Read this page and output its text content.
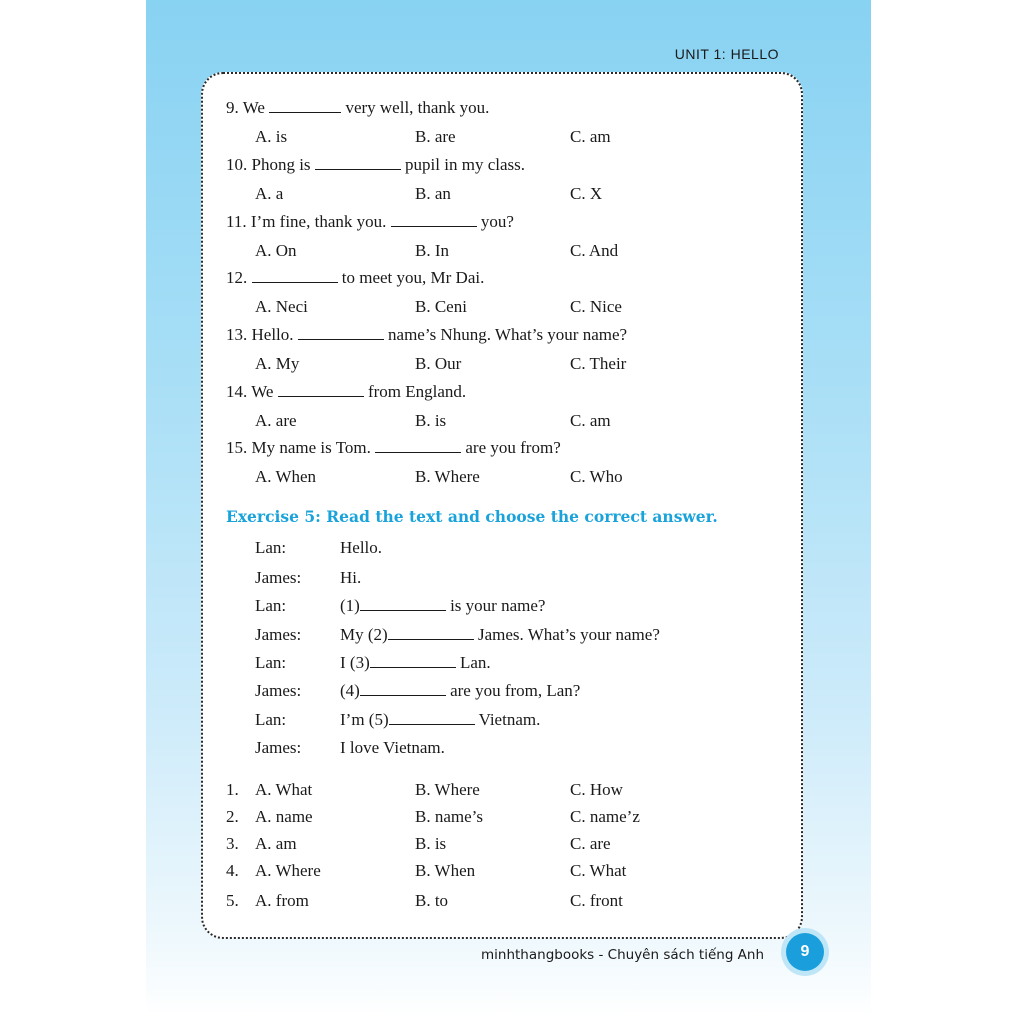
UNIT 1: HELLO
9. We	very well, thank you.
A. is	B. are	C. am
10. Phong is	pupil in my class.
A. a	B. an	C. X
11. I’m fine, thank you.	you?
A. On	B. In	C. And
12.	to meet you, Mr Dai.
A. Neci	B. Ceni	C. Nice
13. Hello.	name’s Nhung. What’s your name?
A. My	B. Our	C. Their
14. We	from England.
A. are	B. is	C. am
15. My name is Tom.	are you from?
A. When	B. Where	C. Who
Exercise 5: Read the text and choose the correct answer.
Lan:	Hello.
James: Hi.
Lan:	(1)	is your name?
James: My (2)	James. What’s your name?
Lan:	I (3)	Lan.
James: (4)	are you from, Lan?
Lan:	I’m (5)	Vietnam.
James: I love Vietnam.
1. A. What	B. Where	C. How
2. A. name	B. name’s	C. name’z
3. A. am	B. is	C. are
4. A. Where	B. When	C. What
5. A. from	B. to	C. front
minhthangbooks - Chuyên sách tiếng Anh	9
